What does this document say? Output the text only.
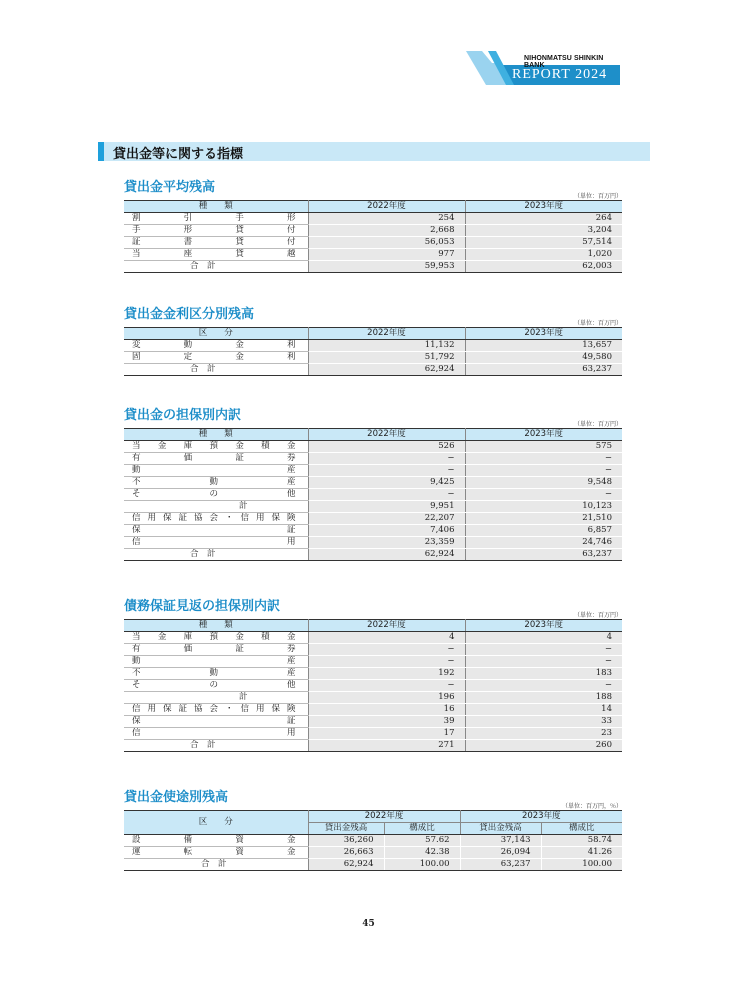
NIHONMATSU SHINKIN BANK
REPORT 2024
貸出金等に関する指標
貸出金平均残高
（単位：百万円）
種　　類	2022年度	2023年度
割引手形	254	264
手形貸付	2,668	3,204
証書貸付	56,053	57,514
当座貸越	977	1,020
合　計	59,953	62,003
貸出金金利区分別残高
（単位：百万円）
区　　分	2022年度	2023年度
変動金利	11,132	13,657
固定金利	51,792	49,580
合　計	62,924	63,237
貸出金の担保別内訳
（単位：百万円）
種　　類	2022年度	2023年度
当金庫預金積金	526	575
有価証券	−	−
動産	−	−
不動産	9,425	9,548
その他	−	−
計	9,951	10,123
信用保証協会・信用保険	22,207	21,510
保証	7,406	6,857
信用	23,359	24,746
合　計	62,924	63,237
債務保証見返の担保別内訳
（単位：百万円）
種　　類	2022年度	2023年度
当金庫預金積金	4	4
有価証券	−	−
動産	−	−
不動産	192	183
その他	−	−
計	196	188
信用保証協会・信用保険	16	14
保証	39	33
信用	17	23
合　計	271	260
貸出金使途別残高
（単位：百万円，％）
区　　分	2022年度		2023年度	
	貸出金残高	構成比	貸出金残高	構成比
設備資金	36,260	57.62	37,143	58.74
運転資金	26,663	42.38	26,094	41.26
合　計	62,924	100.00	63,237	100.00
45
